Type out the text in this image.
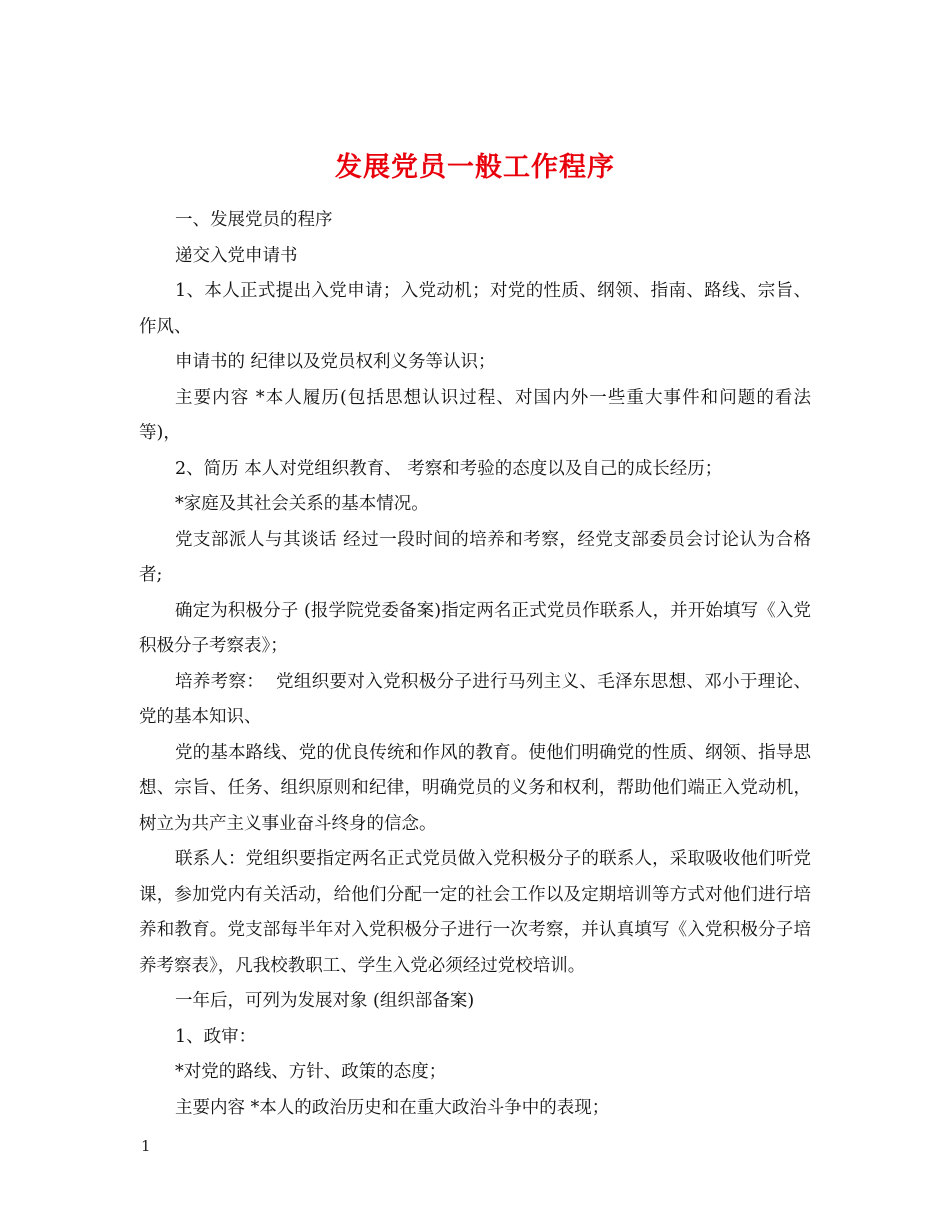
发展党员一般工作程序

一、发展党员的程序

递交入党申请书

1、本人正式提出入党申请；入党动机；对党的性质、纲领、指南、路线、宗旨、作风、

申请书的 纪律以及党员权利义务等认识；

主要内容 *本人履历(包括思想认识过程、对国内外一些重大事件和问题的看法等)，

2、简历 本人对党组织教育、 考察和考验的态度以及自己的成长经历；

*家庭及其社会关系的基本情况。

党支部派人与其谈话 经过一段时间的培养和考察，经党支部委员会讨论认为合格者;

确定为积极分子 (报学院党委备案)指定两名正式党员作联系人，并开始填写《入党积极分子考察表》；

培养考察：  党组织要对入党积极分子进行马列主义、毛泽东思想、邓小于理论、党的基本知识、

党的基本路线、党的优良传统和作风的教育。使他们明确党的性质、纲领、指导思想、宗旨、任务、组织原则和纪律，明确党员的义务和权利，帮助他们端正入党动机，树立为共产主义事业奋斗终身的信念。

联系人：党组织要指定两名正式党员做入党积极分子的联系人，采取吸收他们听党课，参加党内有关活动，给他们分配一定的社会工作以及定期培训等方式对他们进行培养和教育。党支部每半年对入党积极分子进行一次考察，并认真填写《入党积极分子培养考察表》，凡我校教职工、学生入党必须经过党校培训。

一年后，可列为发展对象 (组织部备案)

1、政审：

*对党的路线、方针、政策的态度；

主要内容 *本人的政治历史和在重大政治斗争中的表现；

1
